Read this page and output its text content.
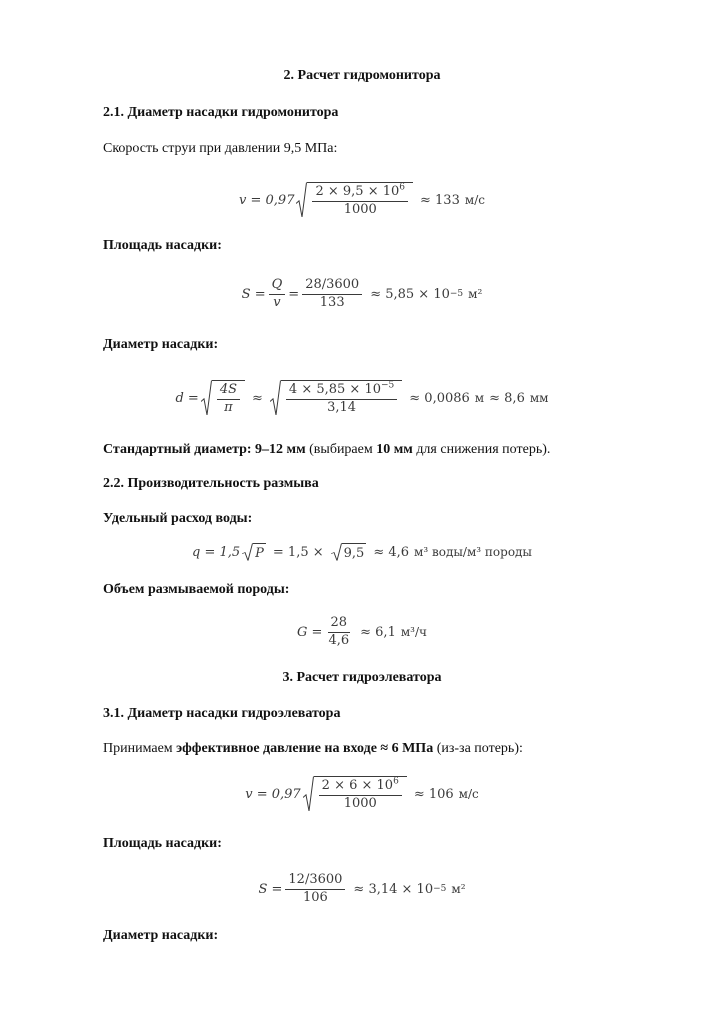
2. Расчет гидромонитора
2.1. Диаметр насадки гидромонитора
Скорость струи при давлении 9,5 МПа:
$v = 0,97 \frac{2 \times 9,5 \times 10^6}{1000} \approx 133$ м/с
Площадь насадки:
$S = \frac{Q}{v} = \frac{28/3600}{133} \approx 5,85 \times 10 -5$ м²
Диаметр насадки:
$d = \frac{4S}{\pi} \approx \frac{4 \times 5,85 \times 10^{-5}}{3,14} \approx 0,0086$ м ≈ 8,6 мм
Стандартный диаметр: 9–12 мм (выбираем 10 мм для снижения потерь).
2.2. Производительность размыва
Удельный расход воды:
q = 1,5 P = 1,5 × 9,5 ≈ 4,6 м³ воды/м³ породы
Объем размываемой породы:
$G = \frac{28}{4,6} \approx 6,1$ м³/ч
3. Расчет гидроэлеватора
3.1. Диаметр насадки гидроэлеватора
Принимаем эффективное давление на входе ≈ 6 МПа (из-за потерь):
$v = 0,97 \frac{2 \times 6 \times 10^6}{1000} \approx 106$ м/с
Площадь насадки:
$S = \frac{12/3600}{106} \approx 3,14 \times 10 -5$ м²
Диаметр насадки:
